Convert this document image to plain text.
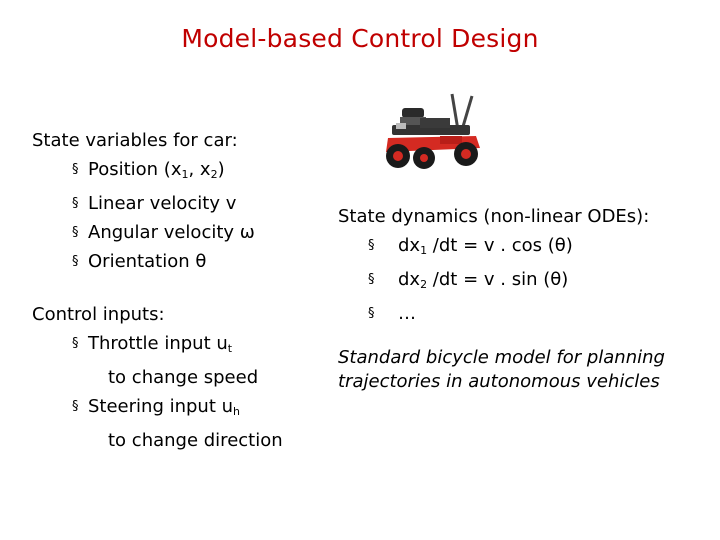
Model-based Control Design
State variables for car:
§ Position ($x_1$, $x_2$)
§ Linear velocity v
§ Angular velocity ω
§ Orientation θ
Control inputs:
§ Throttle input $u_t$
to change speed
§ Steering input $u_h$
to change direction
State dynamics (non-linear ODEs):
§ $dx_1$ /dt = v . cos (θ)
§ $dx_2$ /dt = v . sin (θ)
§ …
Standard bicycle model for planning
trajectories in autonomous vehicles
